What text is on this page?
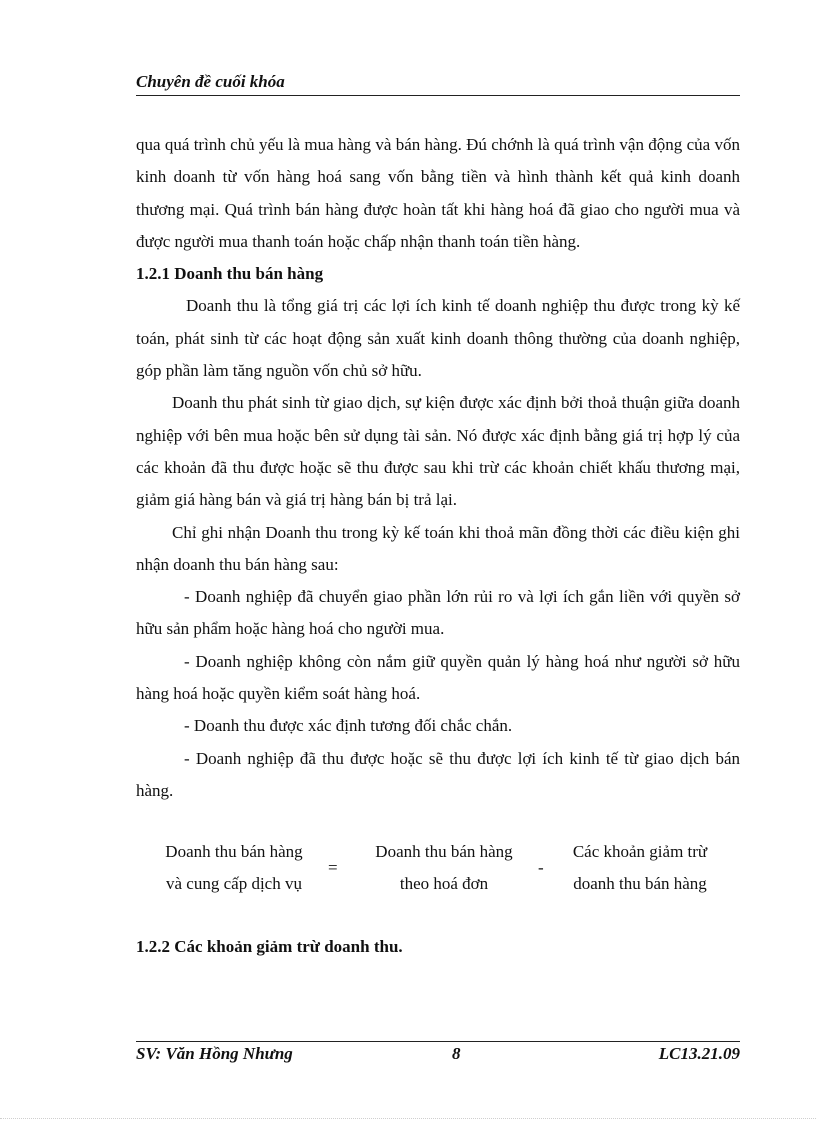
Chuyên đề cuối khóa

qua quá trình chủ yếu là mua hàng và bán hàng. Đú chớnh là quá trình vận động của vốn kinh doanh từ vốn hàng hoá sang vốn bằng tiền và hình thành kết quả kinh doanh thương mại. Quá trình bán hàng được hoàn tất khi hàng hoá đã giao cho người mua và được người mua thanh toán hoặc chấp nhận thanh toán tiền hàng.

1.2.1 Doanh thu bán hàng

Doanh thu là tổng giá trị các lợi ích kinh tế doanh nghiệp thu được trong kỳ kế toán, phát sinh từ các hoạt động sản xuất kinh doanh thông thường của doanh nghiệp, góp phần làm tăng nguồn vốn chủ sở hữu.

Doanh thu phát sinh từ giao dịch, sự kiện được xác định bởi thoả thuận giữa doanh nghiệp với bên mua hoặc bên sử dụng tài sản. Nó được xác định bằng giá trị hợp lý của các khoản đã thu được hoặc sẽ thu được sau khi trừ các khoản chiết khấu thương mại, giảm giá hàng bán và giá trị hàng bán bị trả lại.

Chỉ ghi nhận Doanh thu trong kỳ kế toán khi thoả mãn đồng thời các điều kiện ghi nhận doanh thu bán hàng sau:

- Doanh nghiệp đã chuyển giao phần lớn rủi ro và lợi ích gắn liền với quyền sở hữu sản phẩm hoặc hàng hoá cho người mua.

- Doanh nghiệp không còn nắm giữ quyền quản lý hàng hoá như người sở hữu hàng hoá hoặc quyền kiểm soát hàng hoá.

- Doanh thu được xác định tương đối chắc chắn.

- Doanh nghiệp đã thu được hoặc sẽ thu được lợi ích kinh tế từ giao dịch bán hàng.

Doanh thu bán hàng
và cung cấp dịch vụ
=
Doanh thu bán hàng
theo hoá đơn
-
Các khoản giảm trừ
doanh thu bán hàng
1.2.2 Các khoản giảm trừ doanh thu.
SV: Văn Hồng Nhưng	8	LC13.21.09
